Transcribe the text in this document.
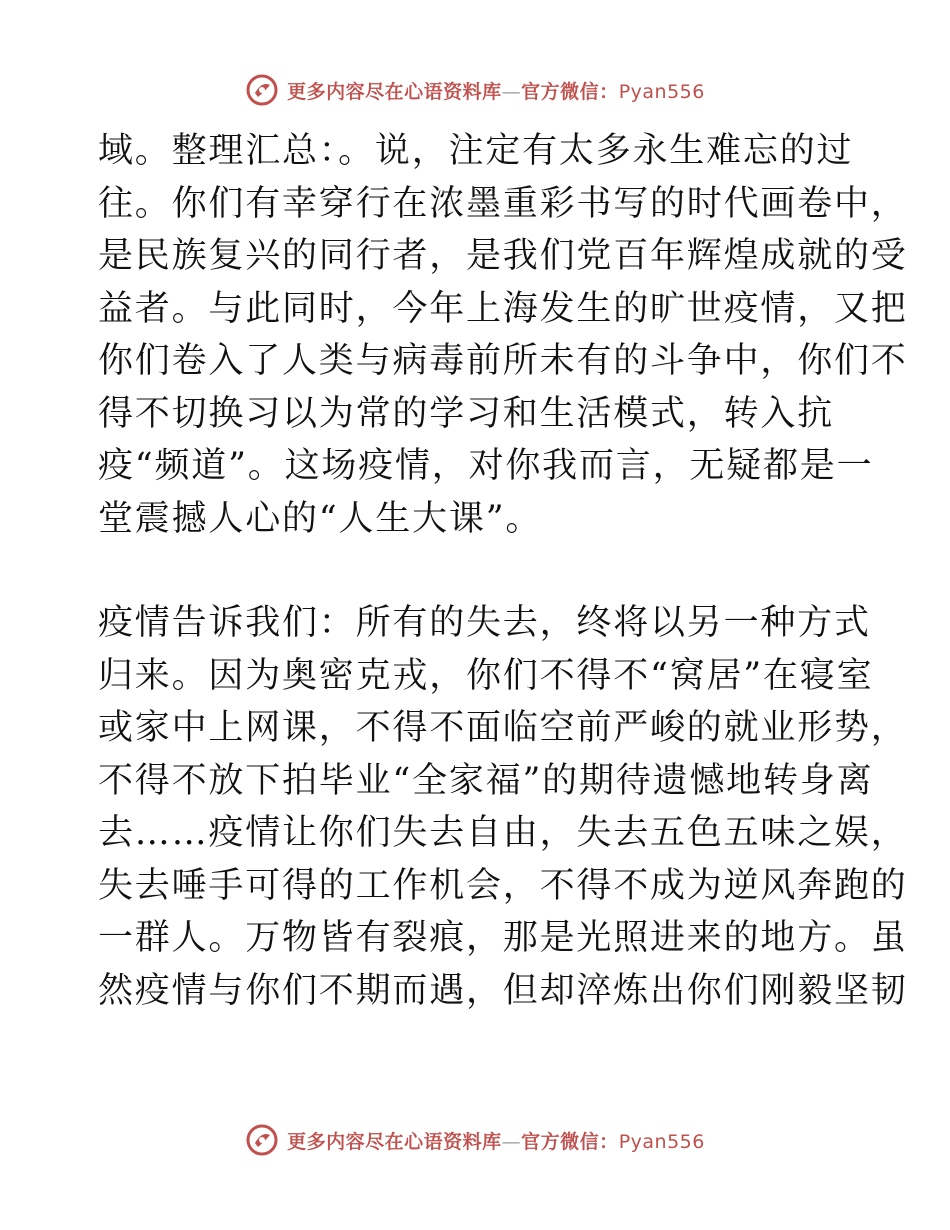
更多内容尽在心语资料库—官方微信：Pyan556
域。整理汇总：。说，注定有太多永生难忘的过
往。你们有幸穿行在浓墨重彩书写的时代画卷中，
是民族复兴的同行者，是我们党百年辉煌成就的受
益者。与此同时，今年上海发生的旷世疫情，又把
你们卷入了人类与病毒前所未有的斗争中，你们不
得不切换习以为常的学习和生活模式，转入抗
疫“频道”。这场疫情，对你我而言，无疑都是一
堂震撼人心的“人生大课”。
疫情告诉我们：所有的失去，终将以另一种方式
归来。因为奥密克戎，你们不得不“窝居”在寝室
或家中上网课，不得不面临空前严峻的就业形势，
不得不放下拍毕业“全家福”的期待遗憾地转身离
去……疫情让你们失去自由，失去五色五味之娱，
失去唾手可得的工作机会，不得不成为逆风奔跑的
一群人。万物皆有裂痕，那是光照进来的地方。虽
然疫情与你们不期而遇，但却淬炼出你们刚毅坚韧
更多内容尽在心语资料库—官方微信：Pyan556
